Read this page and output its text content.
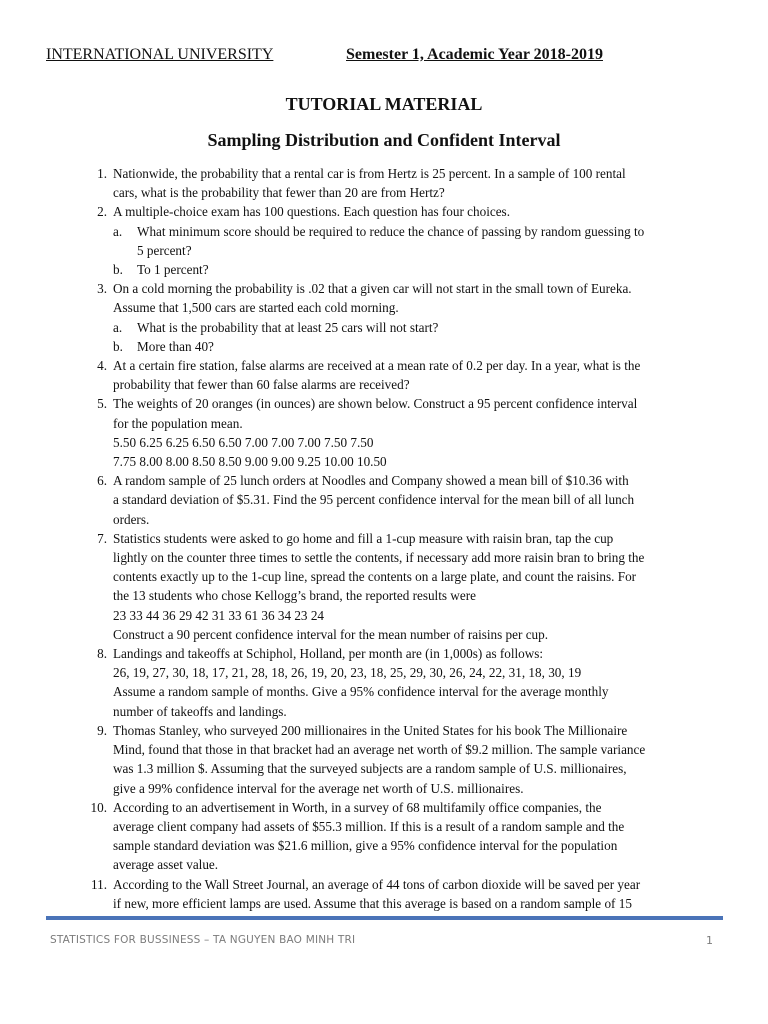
INTERNATIONAL UNIVERSITY	Semester 1, Academic Year 2018-2019
TUTORIAL MATERIAL
Sampling Distribution and Confident Interval
1. Nationwide, the probability that a rental car is from Hertz is 25 percent. In a sample of 100 rental
cars, what is the probability that fewer than 20 are from Hertz?
2. A multiple-choice exam has 100 questions. Each question has four choices.
a. What minimum score should be required to reduce the chance of passing by random guessing to
5 percent?
b. To 1 percent?
3. On a cold morning the probability is .02 that a given car will not start in the small town of Eureka.
Assume that 1,500 cars are started each cold morning.
a. What is the probability that at least 25 cars will not start?
b. More than 40?
4. At a certain fire station, false alarms are received at a mean rate of 0.2 per day. In a year, what is the
probability that fewer than 60 false alarms are received?
5. The weights of 20 oranges (in ounces) are shown below. Construct a 95 percent confidence interval
for the population mean.
5.50 6.25 6.25 6.50 6.50 7.00 7.00 7.00 7.50 7.50
7.75 8.00 8.00 8.50 8.50 9.00 9.00 9.25 10.00 10.50
6. A random sample of 25 lunch orders at Noodles and Company showed a mean bill of $10.36 with
a standard deviation of $5.31. Find the 95 percent confidence interval for the mean bill of all lunch
orders.
7. Statistics students were asked to go home and fill a 1-cup measure with raisin bran, tap the cup
lightly on the counter three times to settle the contents, if necessary add more raisin bran to bring the
contents exactly up to the 1-cup line, spread the contents on a large plate, and count the raisins. For
the 13 students who chose Kellogg’s brand, the reported results were
23 33 44 36 29 42 31 33 61 36 34 23 24
Construct a 90 percent confidence interval for the mean number of raisins per cup.
8. Landings and takeoffs at Schiphol, Holland, per month are (in 1,000s) as follows:
26, 19, 27, 30, 18, 17, 21, 28, 18, 26, 19, 20, 23, 18, 25, 29, 30, 26, 24, 22, 31, 18, 30, 19
Assume a random sample of months. Give a 95% confidence interval for the average monthly
number of takeoffs and landings.
9. Thomas Stanley, who surveyed 200 millionaires in the United States for his book The Millionaire
Mind, found that those in that bracket had an average net worth of $9.2 million. The sample variance
was 1.3 million $. Assuming that the surveyed subjects are a random sample of U.S. millionaires,
give a 99% confidence interval for the average net worth of U.S. millionaires.
10. According to an advertisement in Worth, in a survey of 68 multifamily office companies, the
average client company had assets of $55.3 million. If this is a result of a random sample and the
sample standard deviation was $21.6 million, give a 95% confidence interval for the population
average asset value.
11. According to the Wall Street Journal, an average of 44 tons of carbon dioxide will be saved per year
if new, more efficient lamps are used. Assume that this average is based on a random sample of 15
STATISTICS FOR BUSSINESS – TA NGUYEN BAO MINH TRI	1
